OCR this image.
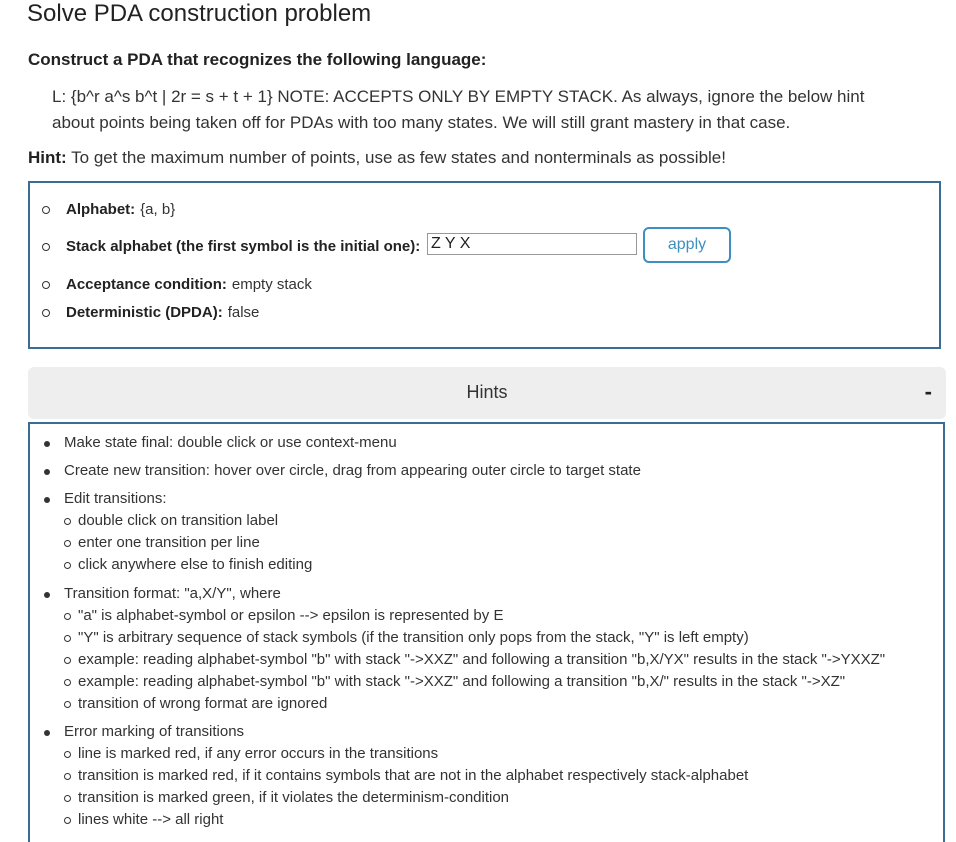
Solve PDA construction problem
Construct a PDA that recognizes the following language:
L: {b^r a^s b^t | 2r = s + t + 1} NOTE: ACCEPTS ONLY BY EMPTY STACK. As always, ignore the below hint
about points being taken off for PDAs with too many states. We will still grant mastery in that case.

Hint: To get the maximum number of points, use as few states and nonterminals as possible!

Alphabet: {a, b}
Stack alphabet (the first symbol is the initial one):
Z Y X	apply
Acceptance condition: empty stack
Deterministic (DPDA): false
Hints	-
Make state final: double click or use context-menu
Create new transition: hover over circle, drag from appearing outer circle to target state
Edit transitions:
double click on transition label
enter one transition per line
click anywhere else to finish editing
Transition format: "a,X/Y", where
"a" is alphabet-symbol or epsilon --> epsilon is represented by E
"Y" is arbitrary sequence of stack symbols (if the transition only pops from the stack, "Y" is left empty)
example: reading alphabet-symbol "b" with stack "->XXZ" and following a transition "b,X/YX" results in the stack "->YXXZ"
example: reading alphabet-symbol "b" with stack "->XXZ" and following a transition "b,X/" results in the stack "->XZ"
transition of wrong format are ignored
Error marking of transitions
line is marked red, if any error occurs in the transitions
transition is marked red, if it contains symbols that are not in the alphabet respectively stack-alphabet
transition is marked green, if it violates the determinism-condition
lines white --> all right
